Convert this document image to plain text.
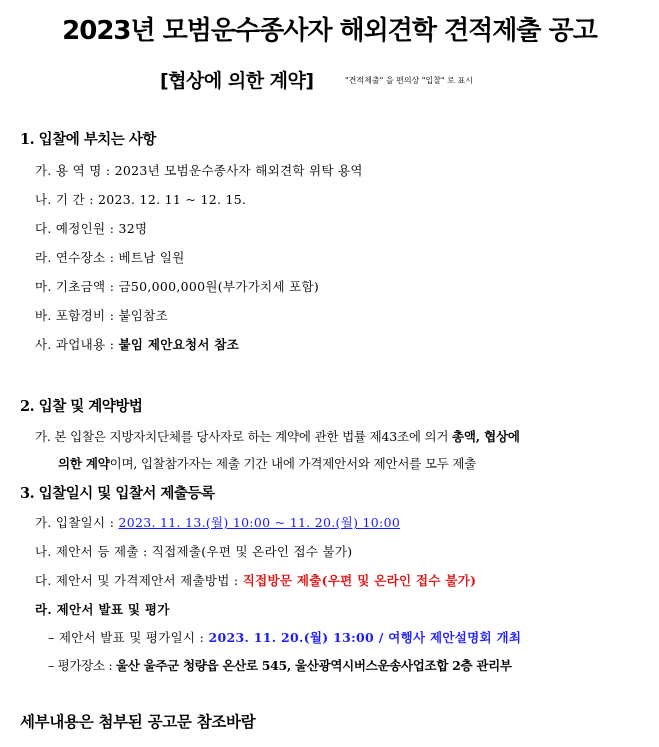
2023년 모범운수종사자 해외견학 견적제출 공고
[협상에 의한 계약]	"견적제출" 을 편의상 "입찰" 로 표시
1. 입찰에 부치는 사항
가. 용 역 명 : 2023년 모범운수종사자 해외견학 위탁 용역
나. 기 간 : 2023. 12. 11 ~ 12. 15.
다. 예정인원 : 32명
라. 연수장소 : 베트남 일원
마. 기초금액 : 금50,000,000원(부가가치세 포함)
바. 포함경비 : 붙임참조
사. 과업내용 : 붙임 제안요청서 참조
2. 입찰 및 계약방법
가. 본 입찰은 지방자치단체를 당사자로 하는 계약에 관한 법률 제43조에 의거 총액, 협상에
의한 계약이며, 입찰참가자는 제출 기간 내에 가격제안서와 제안서를 모두 제출
3. 입찰일시 및 입찰서 제출등록
가. 입찰일시 : 2023. 11. 13.(월) 10:00 ~ 11. 20.(월) 10:00
나. 제안서 등 제출 : 직접제출(우편 및 온라인 접수 불가)
다. 제안서 및 가격제안서 제출방법 : 직접방문 제출(우편 및 온라인 접수 불가)
라. 제안서 발표 및 평가
– 제안서 발표 및 평가일시 : 2023. 11. 20.(월) 13:00 / 여행사 제안설명회 개최
– 평가장소 : 울산 울주군 청량읍 온산로 545, 울산광역시버스운송사업조합 2층 관리부
세부내용은 첨부된 공고문 참조바람
